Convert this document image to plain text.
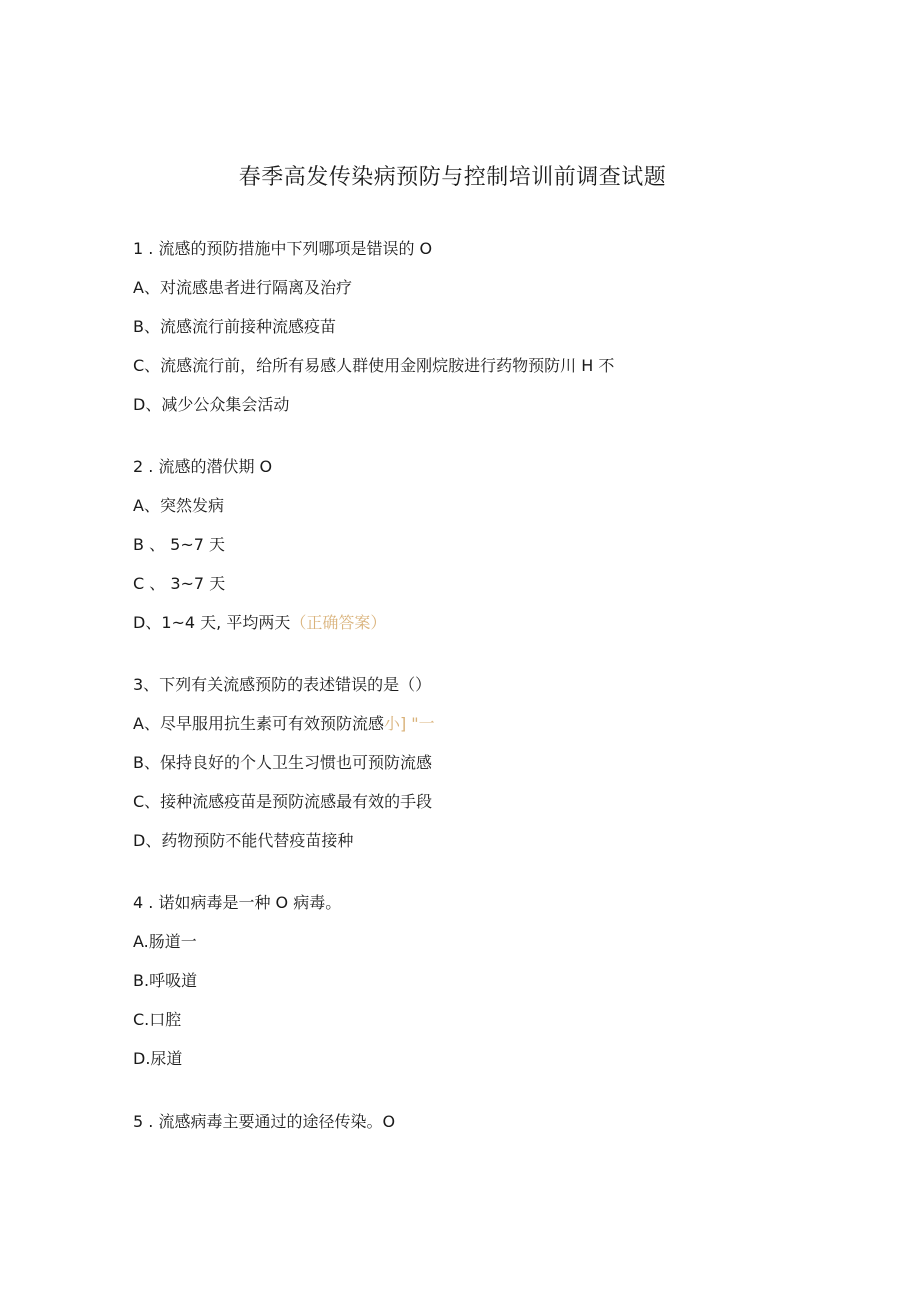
春季高发传染病预防与控制培训前调查试题
1 . 流感的预防措施中下列哪项是错误的 O
A、对流感患者进行隔离及治疗
B、流感流行前接种流感疫苗
C、流感流行前，给所有易感人群使用金刚烷胺进行药物预防川 H 不
D、减少公众集会活动
2 . 流感的潜伏期 O
A、突然发病
B 、 5~7 天
C 、 3~7 天
D、1~4 天, 平均两天（正确答案）
3、下列有关流感预防的表述错误的是（）
A、尽早服用抗生素可有效预防流感小] "一
B、保持良好的个人卫生习惯也可预防流感
C、接种流感疫苗是预防流感最有效的手段
D、药物预防不能代替疫苗接种
4 . 诺如病毒是一种 O 病毒。
A.肠道一
B.呼吸道
C.口腔
D.尿道
5 . 流感病毒主要通过的途径传染。O
